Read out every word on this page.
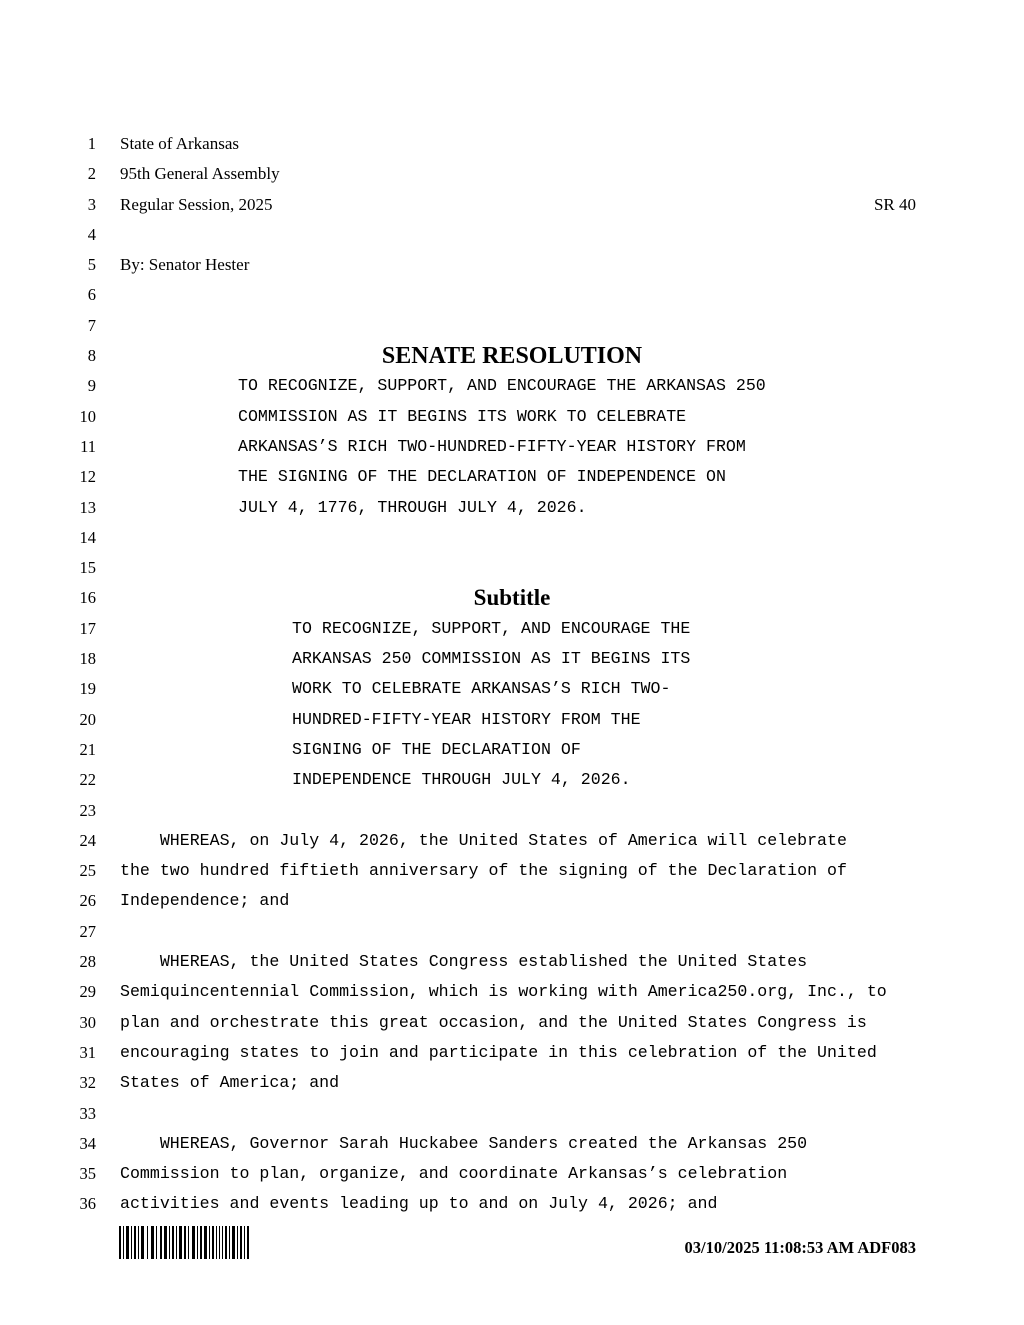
1 State of Arkansas
2 95th General Assembly
3 Regular Session, 2025	SR 40
4
5 By: Senator Hester
6
7
8	SENATE RESOLUTION
9	TO RECOGNIZE, SUPPORT, AND ENCOURAGE THE ARKANSAS 250
10	COMMISSION AS IT BEGINS ITS WORK TO CELEBRATE
11	ARKANSAS’S RICH TWO-HUNDRED-FIFTY-YEAR HISTORY FROM
12	THE SIGNING OF THE DECLARATION OF INDEPENDENCE ON
13	JULY 4, 1776, THROUGH JULY 4, 2026.
14
15
16	Subtitle
17	TO RECOGNIZE, SUPPORT, AND ENCOURAGE THE
18	ARKANSAS 250 COMMISSION AS IT BEGINS ITS
19	WORK TO CELEBRATE ARKANSAS’S RICH TWO-
20	HUNDRED-FIFTY-YEAR HISTORY FROM THE
21	SIGNING OF THE DECLARATION OF
22	INDEPENDENCE THROUGH JULY 4, 2026.
23
24 WHEREAS, on July 4, 2026, the United States of America will celebrate
25 the two hundred fiftieth anniversary of the signing of the Declaration of
26 Independence; and
27
28 WHEREAS, the United States Congress established the United States
29 Semiquincentennial Commission, which is working with America250.org, Inc., to
30 plan and orchestrate this great occasion, and the United States Congress is
31 encouraging states to join and participate in this celebration of the United
32 States of America; and
33
34 WHEREAS, Governor Sarah Huckabee Sanders created the Arkansas 250
35 Commission to plan, organize, and coordinate Arkansas’s celebration
36 activities and events leading up to and on July 4, 2026; and
03/10/2025 11:08:53 AM ADF083
